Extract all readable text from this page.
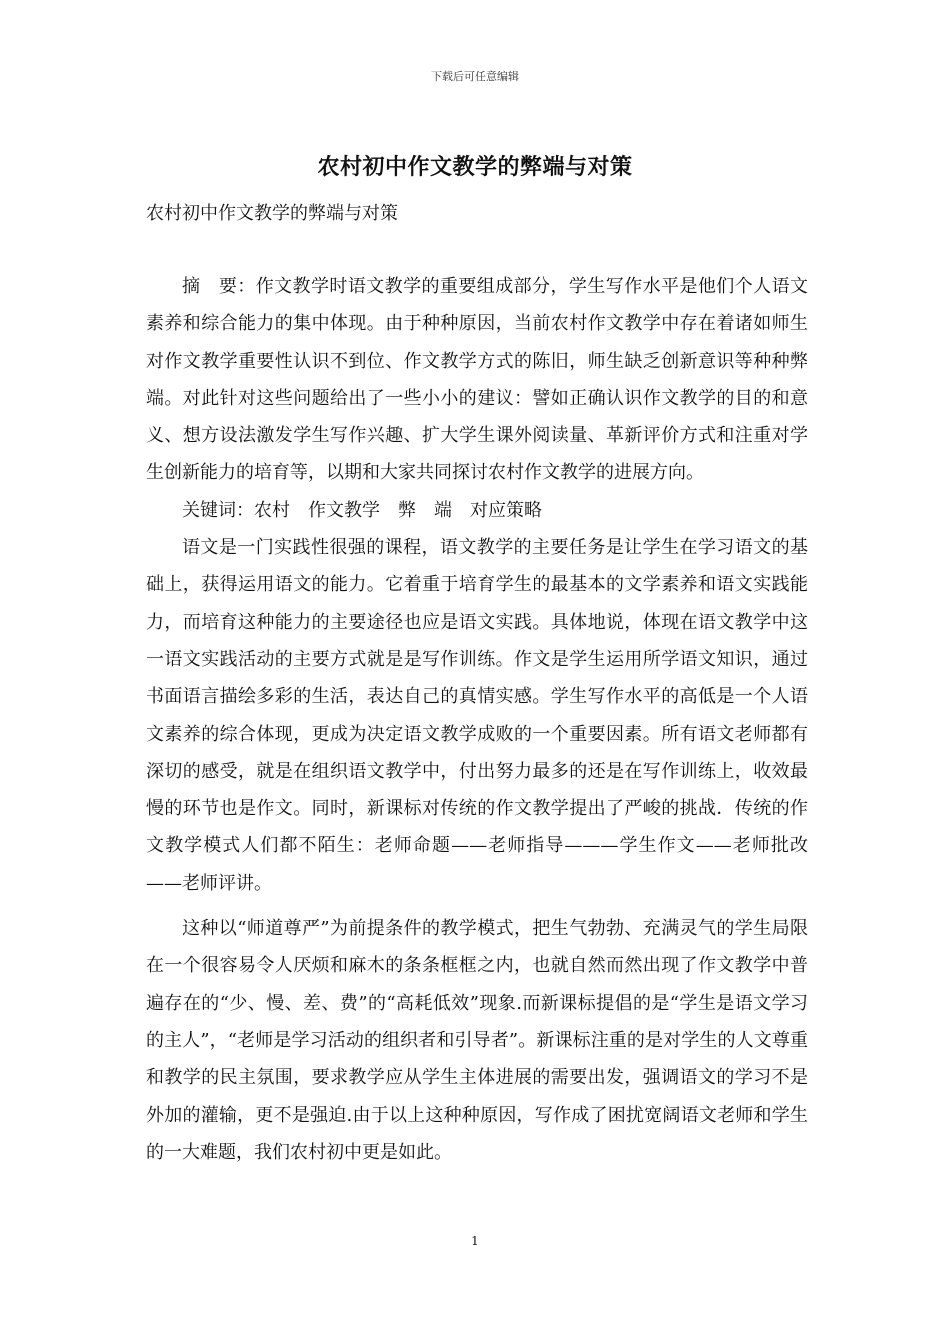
下载后可任意编辑
农村初中作文教学的弊端与对策
农村初中作文教学的弊端与对策

摘　要：作文教学时语文教学的重要组成部分，学生写作水平是他们个人语文素养和综合能力的集中体现。由于种种原因，当前农村作文教学中存在着诸如师生对作文教学重要性认识不到位、作文教学方式的陈旧，师生缺乏创新意识等种种弊端。对此针对这些问题给出了一些小小的建议：譬如正确认识作文教学的目的和意义、想方设法激发学生写作兴趣、扩大学生课外阅读量、革新评价方式和注重对学生创新能力的培育等，以期和大家共同探讨农村作文教学的进展方向。

关键词：农村　作文教学　弊　端　对应策略

语文是一门实践性很强的课程，语文教学的主要任务是让学生在学习语文的基础上，获得运用语文的能力。它着重于培育学生的最基本的文学素养和语文实践能力，而培育这种能力的主要途径也应是语文实践。具体地说，体现在语文教学中这一语文实践活动的主要方式就是是写作训练。作文是学生运用所学语文知识，通过书面语言描绘多彩的生活，表达自己的真情实感。学生写作水平的高低是一个人语文素养的综合体现，更成为决定语文教学成败的一个重要因素。所有语文老师都有深切的感受，就是在组织语文教学中，付出努力最多的还是在写作训练上，收效最慢的环节也是作文。同时，新课标对传统的作文教学提出了严峻的挑战．传统的作文教学模式人们都不陌生：老师命题——老师指导———学生作文——老师批改——老师评讲。

这种以“师道尊严”为前提条件的教学模式，把生气勃勃、充满灵气的学生局限在一个很容易令人厌烦和麻木的条条框框之内，也就自然而然出现了作文教学中普遍存在的“少、慢、差、费”的“高耗低效”现象.而新课标提倡的是“学生是语文学习的主人”，“老师是学习活动的组织者和引导者”。新课标注重的是对学生的人文尊重和教学的民主氛围，要求教学应从学生主体进展的需要出发，强调语文的学习不是外加的灌输，更不是强迫.由于以上这种种原因，写作成了困扰宽阔语文老师和学生的一大难题，我们农村初中更是如此。

1
